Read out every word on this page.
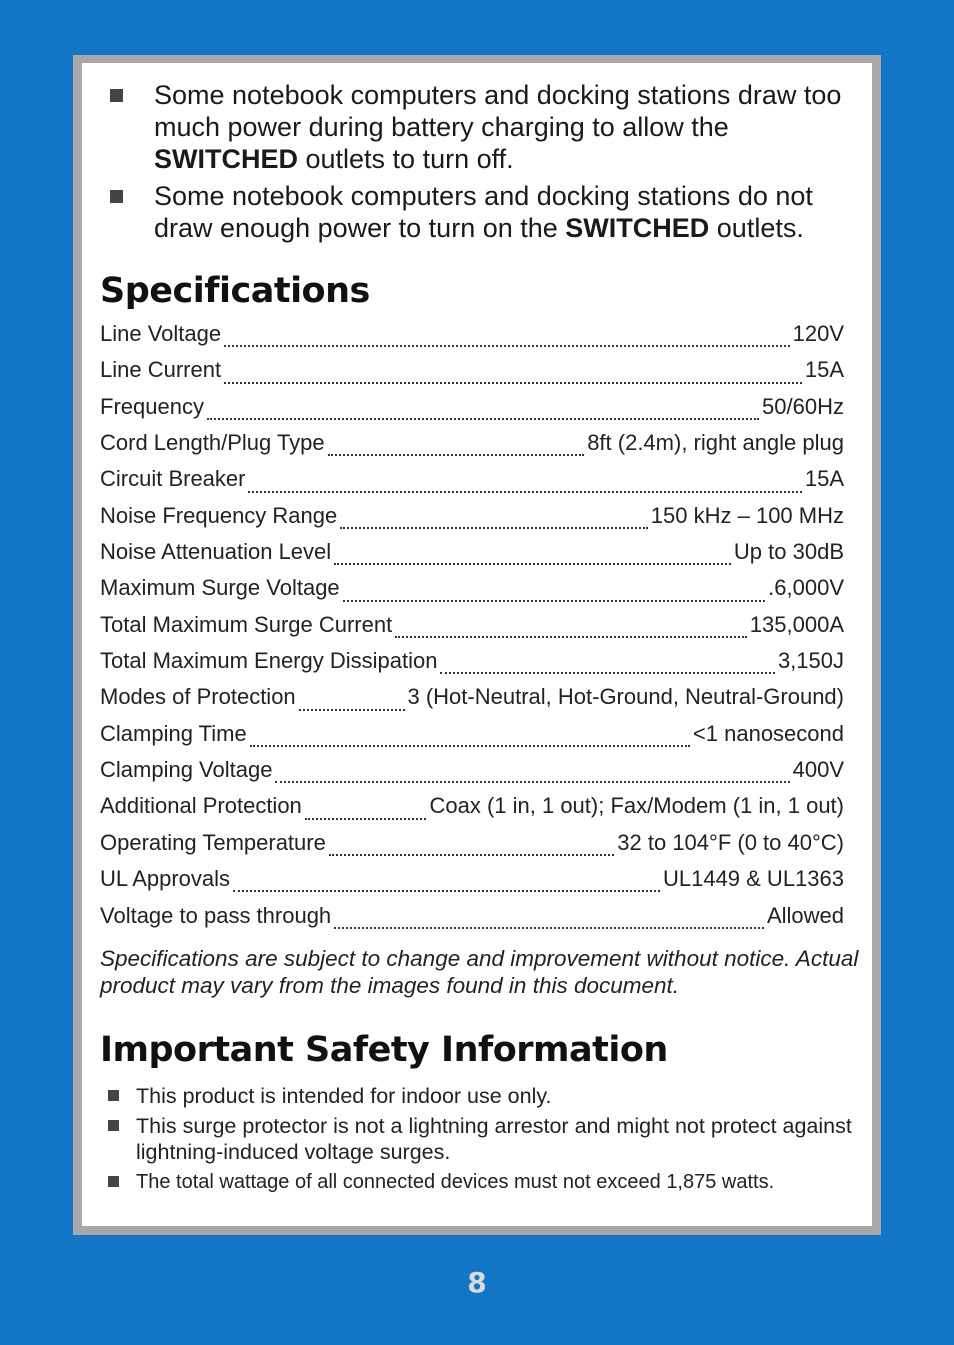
Some notebook computers and docking stations draw too much power during battery charging to allow the SWITCHED outlets to turn off.
Some notebook computers and docking stations do not draw enough power to turn on the SWITCHED outlets.
Specifications
Line Voltage	120V
Line Current	15A
Frequency	50/60Hz
Cord Length/Plug Type	8ft (2.4m), right angle plug
Circuit Breaker	15A
Noise Frequency Range	150 kHz – 100 MHz
Noise Attenuation Level	Up to 30dB
Maximum Surge Voltage	.6,000V
Total Maximum Surge Current	135,000A
Total Maximum Energy Dissipation	3,150J
Modes of Protection	3 (Hot-Neutral, Hot-Ground, Neutral-Ground)
Clamping Time	<1 nanosecond
Clamping Voltage	400V
Additional Protection	Coax (1 in, 1 out); Fax/Modem (1 in, 1 out)
Operating Temperature	32 to 104°F (0 to 40°C)
UL Approvals	UL1449 & UL1363
Voltage to pass through	Allowed
Specifications are subject to change and improvement without notice. Actual product may vary from the images found in this document.
Important Safety Information
This product is intended for indoor use only.
This surge protector is not a lightning arrestor and might not protect against lightning-induced voltage surges.
The total wattage of all connected devices must not exceed 1,875 watts.
8
